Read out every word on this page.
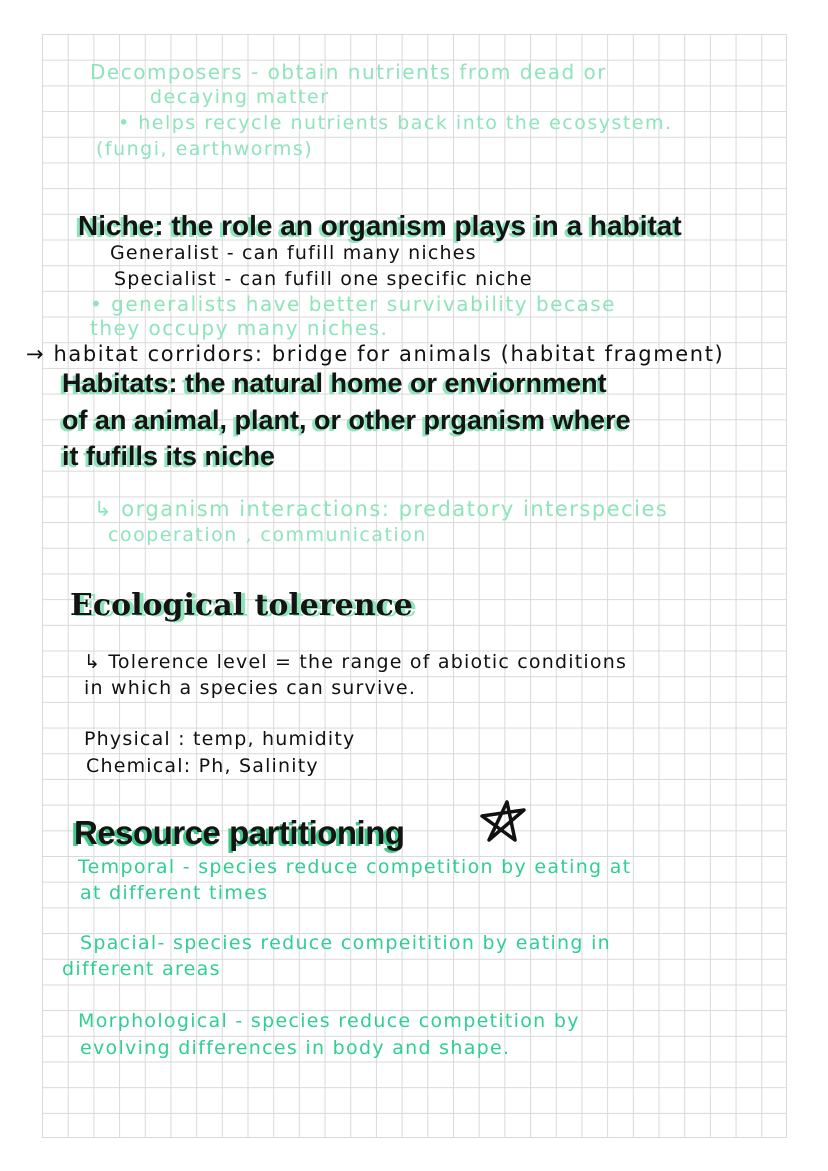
Decomposers - obtain nutrients from dead or
decaying matter
• helps recycle nutrients back into the ecosystem.
(fungi, earthworms)
Niche: the role an organism plays in a habitat
Generalist - can fufill many niches
Specialist - can fufill one specific niche
• generalists have better survivability becase
they occupy many niches.
→ habitat corridors: bridge for animals (habitat fragment)
Habitats: the natural home or enviornment
of an animal, plant, or other prganism where
it fufills its niche
↳ organism interactions: predatory interspecies
cooperation , communication
Ecological tolerence
↳ Tolerence level = the range of abiotic conditions
in which a species can survive.
Physical : temp, humidity
Chemical: Ph, Salinity
Resource partitioning
Temporal - species reduce competition by eating at
at different times
Spacial- species reduce compeitition by eating in
different areas
Morphological - species reduce competition by
evolving differences in body and shape.
